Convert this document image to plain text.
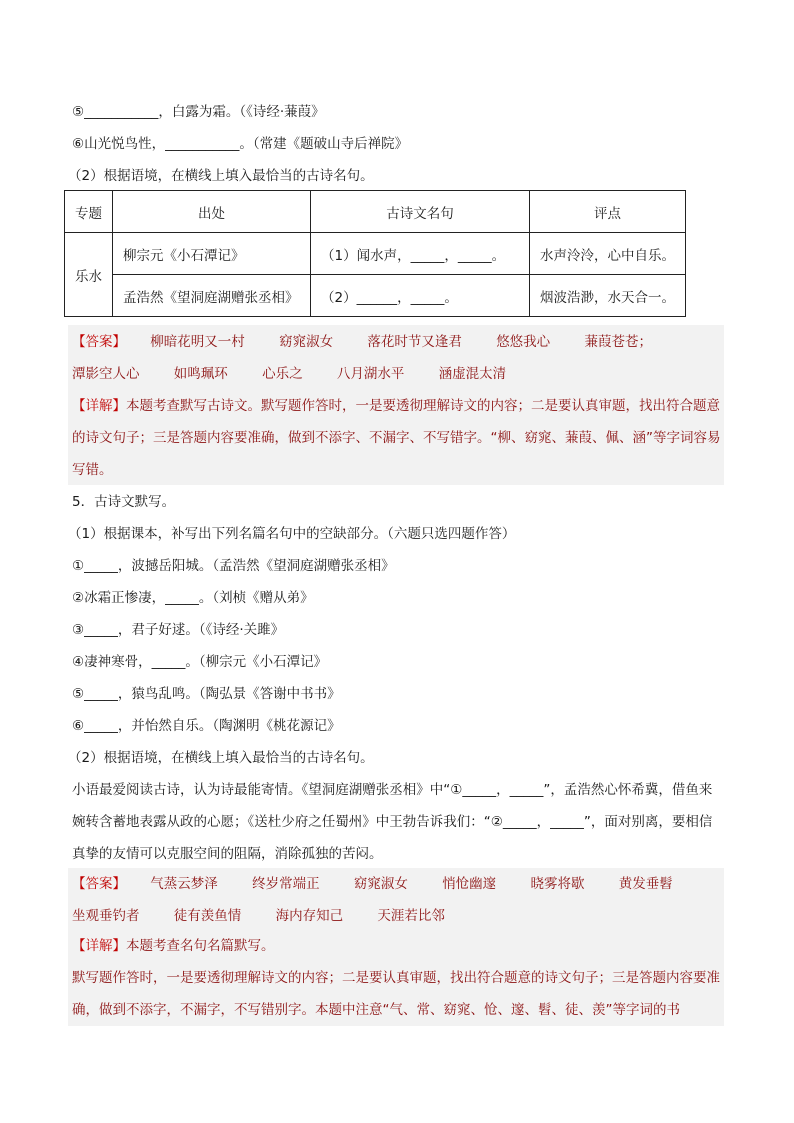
⑤___________，白露为霜。（《诗经·蒹葭》
⑥山光悦鸟性，___________。（常建《题破山寺后禅院》
（2）根据语境，在横线上填入最恰当的古诗名句。
专题	出处	古诗文名句	评点
乐水	柳宗元《小石潭记》	（1）闻水声，_____，_____。	水声泠泠，心中自乐。
	孟浩然《望洞庭湖赠张丞相》	（2）______，_____。	烟波浩渺，水天合一。
【答案】 柳暗花明又一村	窈窕淑女	落花时节又逢君	悠悠我心	蒹葭苍苍；
潭影空人心	如鸣珮环	心乐之	八月湖水平	涵虚混太清
【详解】本题考查默写古诗文。默写题作答时，一是要透彻理解诗文的内容；二是要认真审题，找出符合题意的诗文句子；三是答题内容要准确，做到不添字、不漏字、不写错字。“柳、窈窕、蒹葭、佩、涵”等字词容易写错。
5．古诗文默写。
（1）根据课本，补写出下列名篇名句中的空缺部分。（六题只选四题作答）
①_____，波撼岳阳城。（孟浩然《望洞庭湖赠张丞相》
②冰霜正惨凄，_____。（刘桢《赠从弟》
③_____，君子好逑。（《诗经·关雎》
④凄神寒骨，_____。（柳宗元《小石潭记》
⑤_____，猿鸟乱鸣。（陶弘景《答谢中书书》
⑥_____，并怡然自乐。（陶渊明《桃花源记》
（2）根据语境，在横线上填入最恰当的古诗名句。
小语最爱阅读古诗，认为诗最能寄情。《望洞庭湖赠张丞相》中“①_____，_____”，孟浩然心怀希冀，借鱼来婉转含蓄地表露从政的心愿；《送杜少府之任蜀州》中王勃告诉我们：“②_____，_____”，面对别离，要相信真挚的友情可以克服空间的阻隔，消除孤独的苦闷。
【答案】 气蒸云梦泽	终岁常端正	窈窕淑女	悄怆幽邃	晓雾将歇	黄发垂髫
坐观垂钓者	徒有羡鱼情	海内存知己	天涯若比邻
【详解】本题考查名句名篇默写。
默写题作答时，一是要透彻理解诗文的内容；二是要认真审题，找出符合题意的诗文句子；三是答题内容要准确，做到不添字，不漏字，不写错别字。本题中注意“气、常、窈窕、怆、邃、髫、徒、羡”等字词的书
